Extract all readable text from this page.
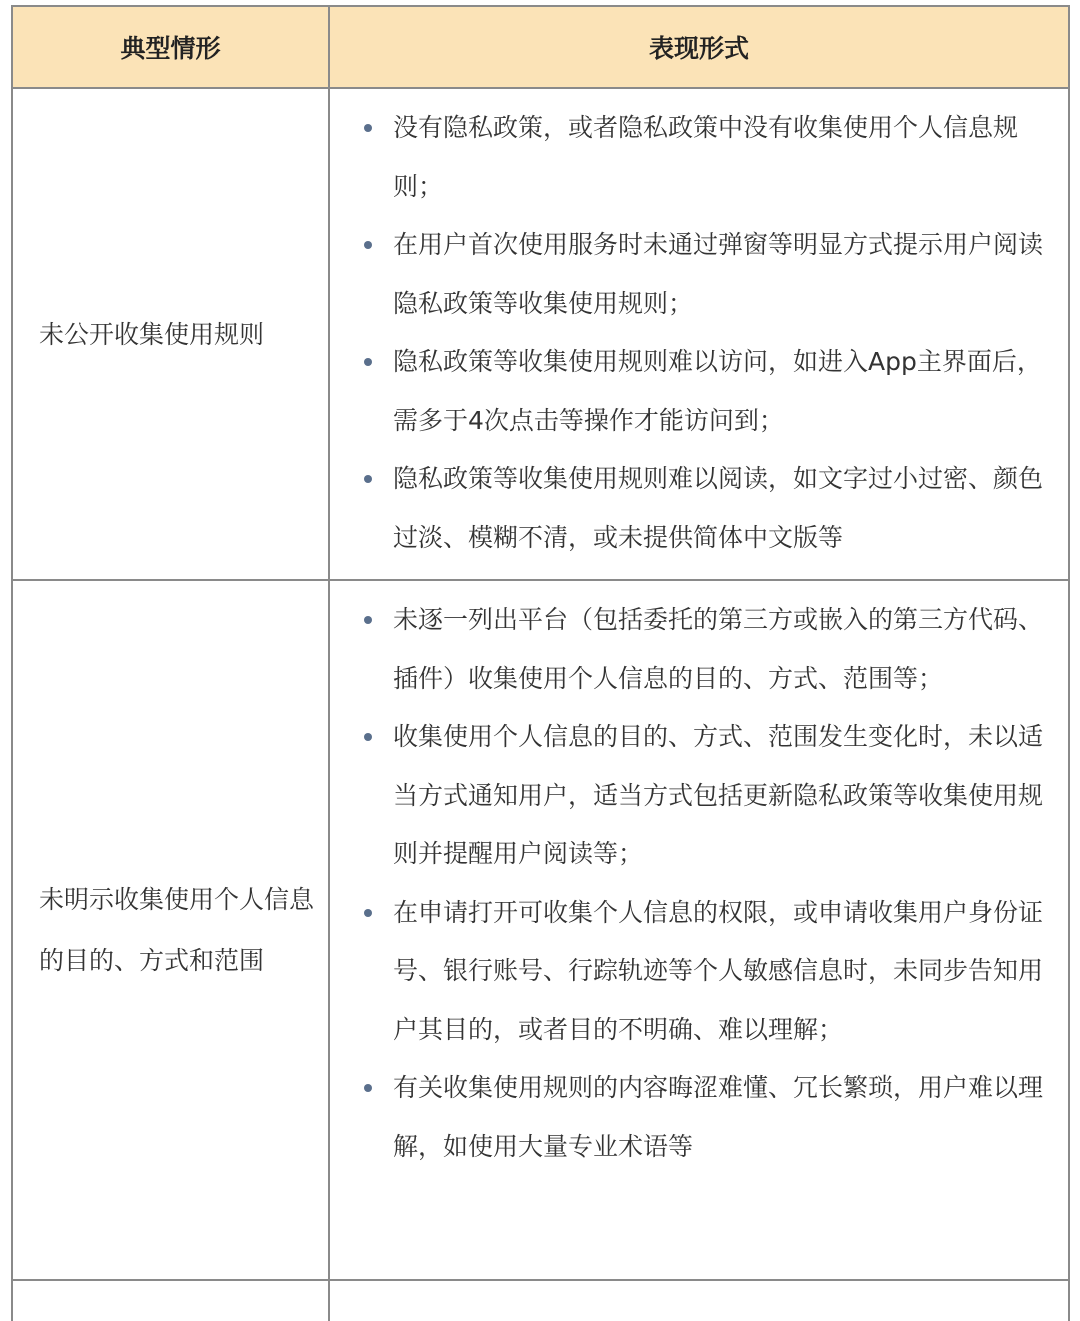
典型情形	表现形式
未公开收集使用规则
没有隐私政策，或者隐私政策中没有收集使用个人信息规则；
在用户首次使用服务时未通过弹窗等明显方式提示用户阅读隐私政策等收集使用规则；
隐私政策等收集使用规则难以访问，如进入App主界面后，需多于4次点击等操作才能访问到；
隐私政策等收集使用规则难以阅读，如文字过小过密、颜色过淡、模糊不清，或未提供简体中文版等
未明示收集使用个人信息的目的、方式和范围
未逐一列出平台（包括委托的第三方或嵌入的第三方代码、插件）收集使用个人信息的目的、方式、范围等；
收集使用个人信息的目的、方式、范围发生变化时，未以适当方式通知用户，适当方式包括更新隐私政策等收集使用规则并提醒用户阅读等；
在申请打开可收集个人信息的权限，或申请收集用户身份证号、银行账号、行踪轨迹等个人敏感信息时，未同步告知用户其目的，或者目的不明确、难以理解；
有关收集使用规则的内容晦涩难懂、冗长繁琐，用户难以理解，如使用大量专业术语等
